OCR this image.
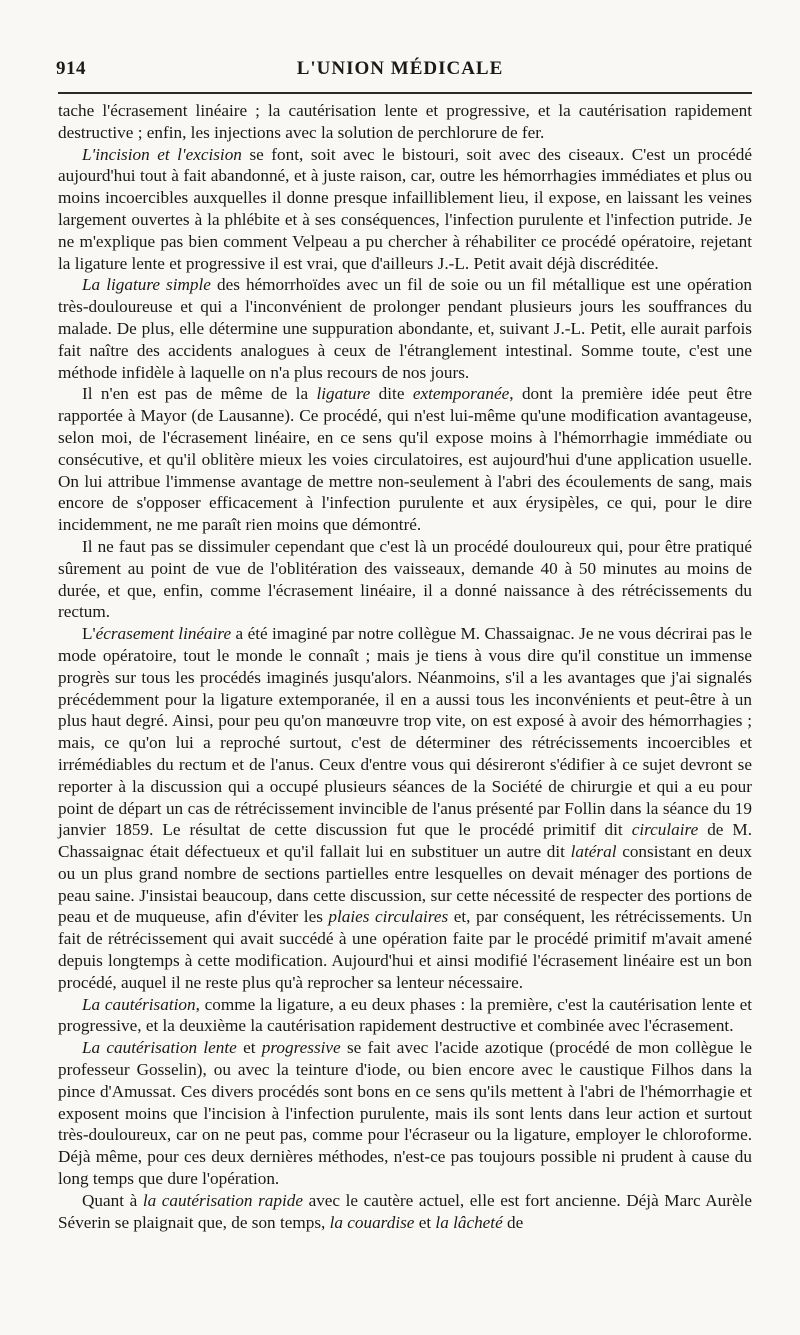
914	L'UNION MÉDICALE

tache l'écrasement linéaire ; la cautérisation lente et progressive, et la cautérisation rapidement destructive ; enfin, les injections avec la solution de perchlorure de fer.

L'incision et l'excision se font, soit avec le bistouri, soit avec des ciseaux. C'est un procédé aujourd'hui tout à fait abandonné, et à juste raison, car, outre les hémorrhagies immédiates et plus ou moins incoercibles auxquelles il donne presque infailliblement lieu, il expose, en laissant les veines largement ouvertes à la phlébite et à ses conséquences, l'infection purulente et l'infection putride. Je ne m'explique pas bien comment Velpeau a pu chercher à réhabiliter ce procédé opératoire, rejetant la ligature lente et progressive il est vrai, que d'ailleurs J.-L. Petit avait déjà discréditée.

La ligature simple des hémorrhoïdes avec un fil de soie ou un fil métallique est une opération très-douloureuse et qui a l'inconvénient de prolonger pendant plusieurs jours les souffrances du malade. De plus, elle détermine une suppuration abondante, et, suivant J.-L. Petit, elle aurait parfois fait naître des accidents analogues à ceux de l'étranglement intestinal. Somme toute, c'est une méthode infidèle à laquelle on n'a plus recours de nos jours.

Il n'en est pas de même de la ligature dite extemporanée, dont la première idée peut être rapportée à Mayor (de Lausanne). Ce procédé, qui n'est lui-même qu'une modification avantageuse, selon moi, de l'écrasement linéaire, en ce sens qu'il expose moins à l'hémorrhagie immédiate ou consécutive, et qu'il oblitère mieux les voies circulatoires, est aujourd'hui d'une application usuelle. On lui attribue l'immense avantage de mettre non-seulement à l'abri des écoulements de sang, mais encore de s'opposer efficacement à l'infection purulente et aux érysipèles, ce qui, pour le dire incidemment, ne me paraît rien moins que démontré.

Il ne faut pas se dissimuler cependant que c'est là un procédé douloureux qui, pour être pratiqué sûrement au point de vue de l'oblitération des vaisseaux, demande 40 à 50 minutes au moins de durée, et que, enfin, comme l'écrasement linéaire, il a donné naissance à des rétrécissements du rectum.

L'écrasement linéaire a été imaginé par notre collègue M. Chassaignac. Je ne vous décrirai pas le mode opératoire, tout le monde le connaît ; mais je tiens à vous dire qu'il constitue un immense progrès sur tous les procédés imaginés jusqu'alors. Néanmoins, s'il a les avantages que j'ai signalés précédemment pour la ligature extemporanée, il en a aussi tous les inconvénients et peut-être à un plus haut degré. Ainsi, pour peu qu'on manœuvre trop vite, on est exposé à avoir des hémorrhagies ; mais, ce qu'on lui a reproché surtout, c'est de déterminer des rétrécissements incoercibles et irrémédiables du rectum et de l'anus. Ceux d'entre vous qui désireront s'édifier à ce sujet devront se reporter à la discussion qui a occupé plusieurs séances de la Société de chirurgie et qui a eu pour point de départ un cas de rétrécissement invincible de l'anus présenté par Follin dans la séance du 19 janvier 1859. Le résultat de cette discussion fut que le procédé primitif dit circulaire de M. Chassaignac était défectueux et qu'il fallait lui en substituer un autre dit latéral consistant en deux ou un plus grand nombre de sections partielles entre lesquelles on devait ménager des portions de peau saine. J'insistai beaucoup, dans cette discussion, sur cette nécessité de respecter des portions de peau et de muqueuse, afin d'éviter les plaies circulaires et, par conséquent, les rétrécissements. Un fait de rétrécissement qui avait succédé à une opération faite par le procédé primitif m'avait amené depuis longtemps à cette modification. Aujourd'hui et ainsi modifié l'écrasement linéaire est un bon procédé, auquel il ne reste plus qu'à reprocher sa lenteur nécessaire.

La cautérisation, comme la ligature, a eu deux phases : la première, c'est la cautérisation lente et progressive, et la deuxième la cautérisation rapidement destructive et combinée avec l'écrasement.

La cautérisation lente et progressive se fait avec l'acide azotique (procédé de mon collègue le professeur Gosselin), ou avec la teinture d'iode, ou bien encore avec le caustique Filhos dans la pince d'Amussat. Ces divers procédés sont bons en ce sens qu'ils mettent à l'abri de l'hémorrhagie et exposent moins que l'incision à l'infection purulente, mais ils sont lents dans leur action et surtout très-douloureux, car on ne peut pas, comme pour l'écraseur ou la ligature, employer le chloroforme. Déjà même, pour ces deux dernières méthodes, n'est-ce pas toujours possible ni prudent à cause du long temps que dure l'opération.

Quant à la cautérisation rapide avec le cautère actuel, elle est fort ancienne. Déjà Marc Aurèle Séverin se plaignait que, de son temps, la couardise et la lâcheté de
